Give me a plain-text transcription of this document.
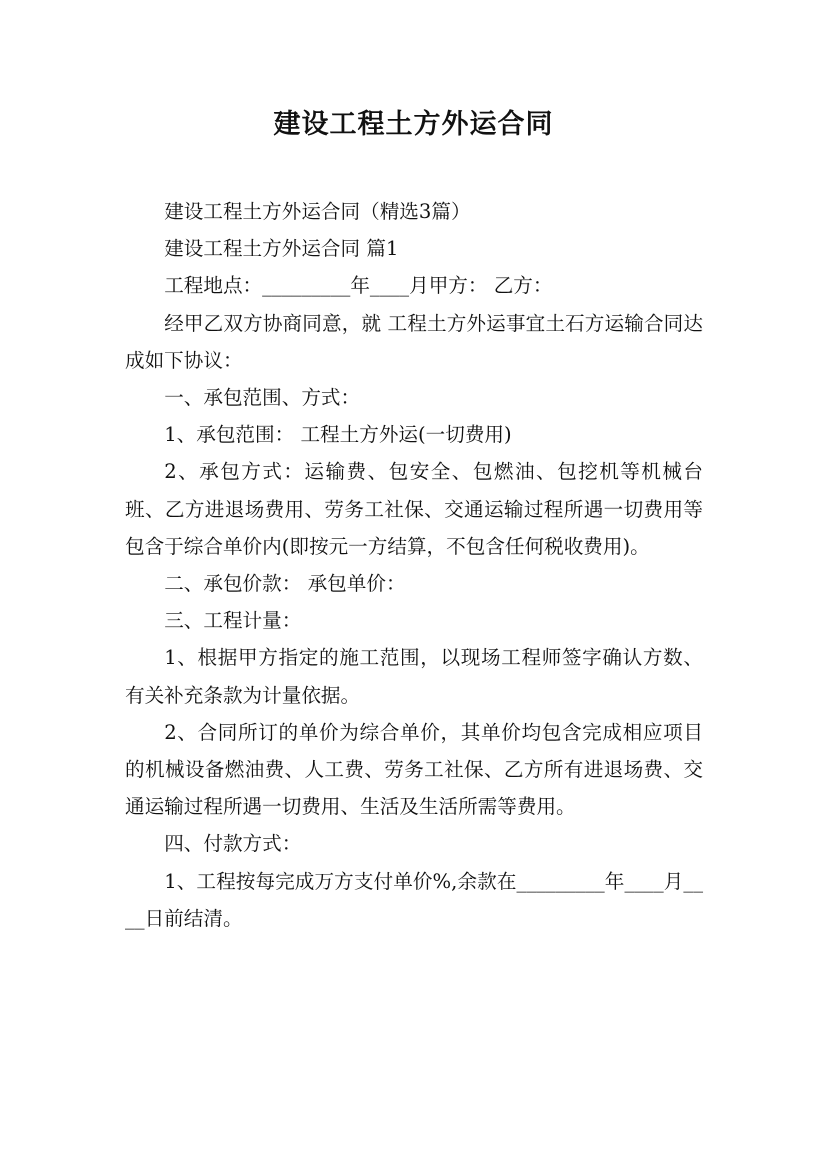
建设工程土方外运合同

建设工程土方外运合同（精选3篇）

建设工程土方外运合同 篇1

工程地点：_________年____月甲方： 乙方：

经甲乙双方协商同意，就 工程土方外运事宜土石方运输合同达成如下协议：

一、承包范围、方式：

1、承包范围： 工程土方外运(一切费用)

2、承包方式：运输费、包安全、包燃油、包挖机等机械台班、乙方进退场费用、劳务工社保、交通运输过程所遇一切费用等包含于综合单价内(即按元一方结算，不包含任何税收费用)。

二、承包价款： 承包单价：

三、工程计量：

1、根据甲方指定的施工范围，以现场工程师签字确认方数、有关补充条款为计量依据。

2、合同所订的单价为综合单价，其单价均包含完成相应项目的机械设备燃油费、人工费、劳务工社保、乙方所有进退场费、交通运输过程所遇一切费用、生活及生活所需等费用。

四、付款方式：

1、工程按每完成万方支付单价%,余款在_________年____月____日前结清。
